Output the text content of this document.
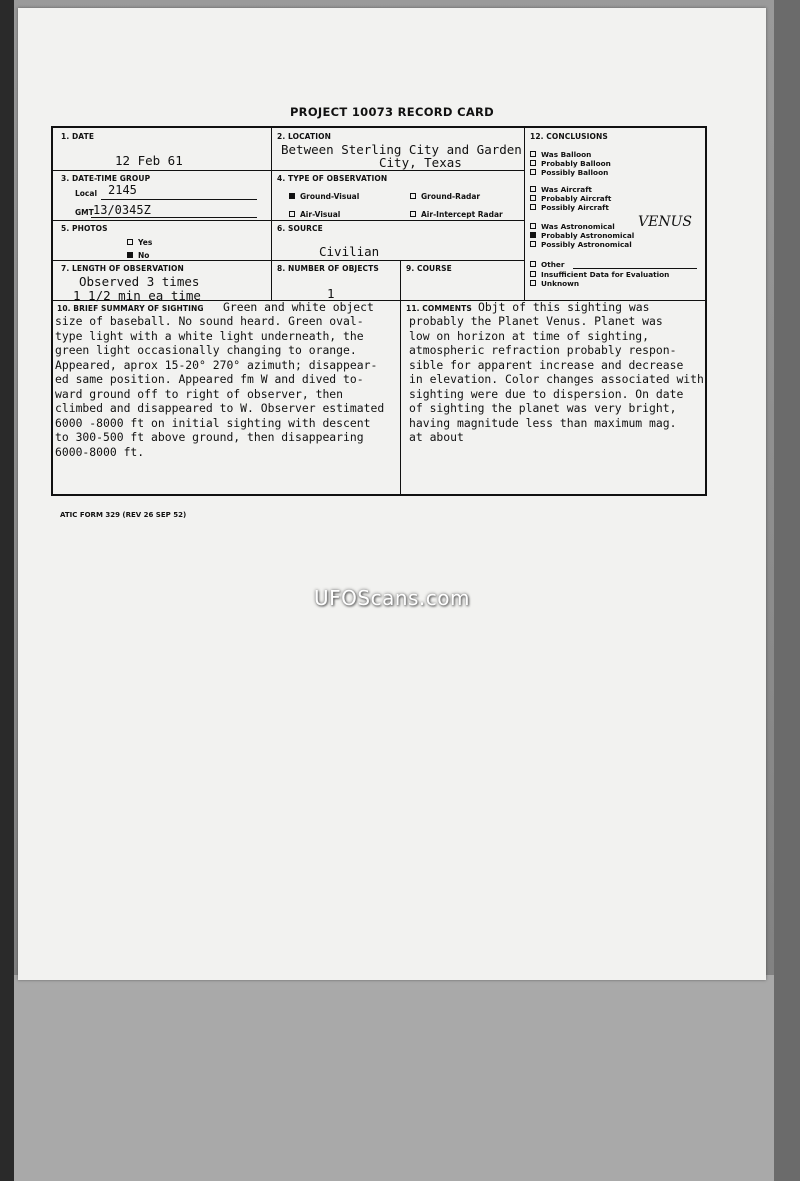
PROJECT 10073 RECORD CARD
1. DATE
12 Feb 61
2. LOCATION
Between Sterling City and Garden
City, Texas
3. DATE-TIME GROUP
Local 2145
GMT 13/0345Z
4. TYPE OF OBSERVATION
Ground-Visual	Ground-Radar
Air-Visual	Air-Intercept Radar
5. PHOTOS
Yes
No
6. SOURCE
Civilian
7. LENGTH OF OBSERVATION
Observed 3 times
1 1/2 min ea time
8. NUMBER OF OBJECTS
1
9. COURSE
12. CONCLUSIONS
Was Balloon
Probably Balloon
Possibly Balloon
Was Aircraft
Probably Aircraft
Possibly Aircraft
Was Astronomical VENUS
Probably Astronomical
Possibly Astronomical
Other
Insufficient Data for Evaluation
Unknown
10. BRIEF SUMMARY OF SIGHTING Green and white object
size of baseball. No sound heard. Green oval-
type light with a white light underneath, the
green light occasionally changing to orange.
Appeared, aprox 15-20° 270° azimuth; disappear-
ed same position. Appeared fm W and dived to-
ward ground off to right of observer, then
climbed and disappeared to W. Observer estimated
6000 -8000 ft on initial sighting with descent
to 300-500 ft above ground, then disappearing
6000-8000 ft.
11. COMMENTS Objt of this sighting was
probably the Planet Venus. Planet was
low on horizon at time of sighting,
atmospheric refraction probably respon-
sible for apparent increase and decrease
in elevation. Color changes associated with
sighting were due to dispersion. On date
of sighting the planet was very bright,
having magnitude less than maximum mag.
at about
ATIC FORM 329 (REV 26 SEP 52)
UFOScans.com
